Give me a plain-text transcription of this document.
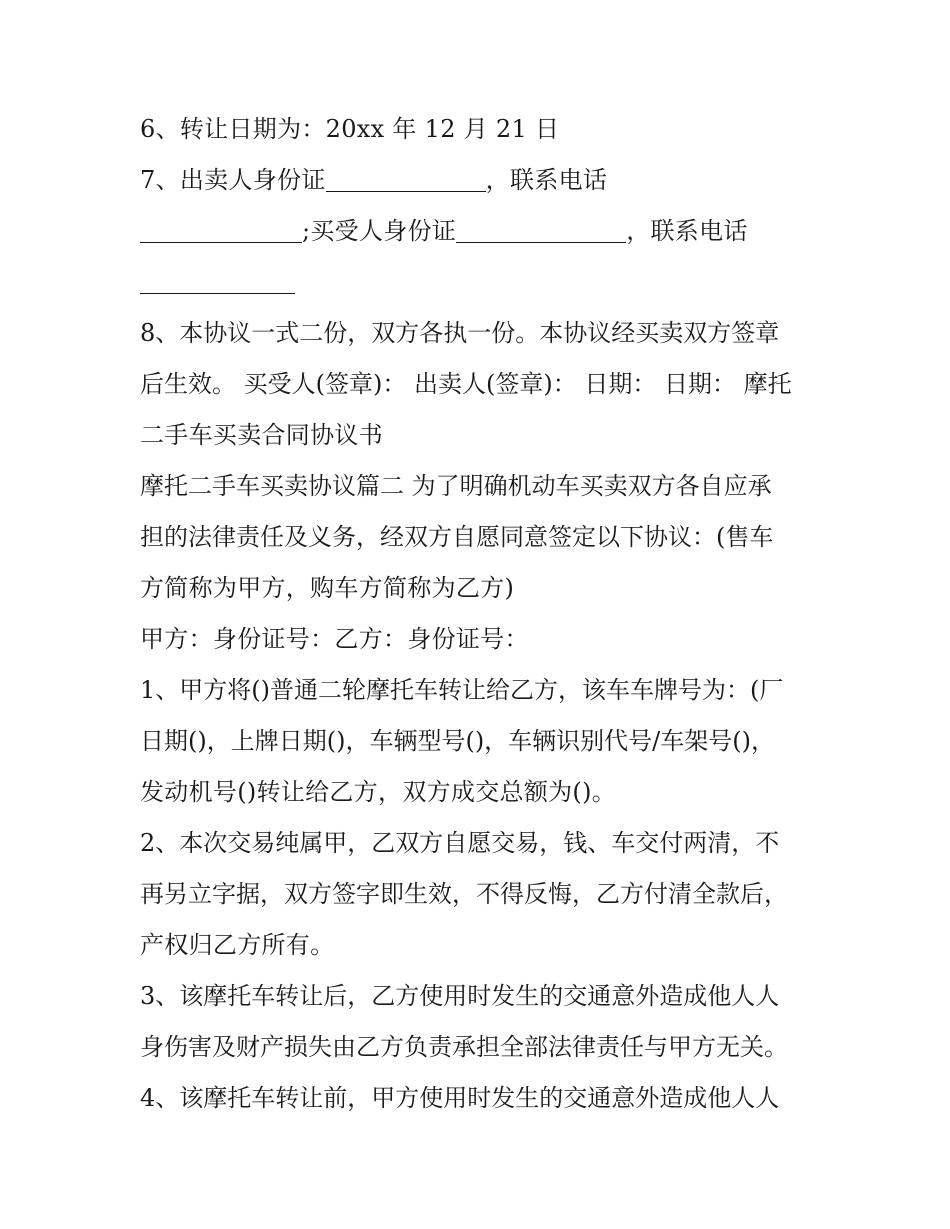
6、转让日期为：20xx 年 12 月 21 日
7、出卖人身份证	，联系电话
;买受人身份证	，联系电话
8、本协议一式二份，双方各执一份。本协议经买卖双方签章
后生效。 买受人(签章)： 出卖人(签章)： 日期： 日期： 摩托
二手车买卖合同协议书
摩托二手车买卖协议篇二 为了明确机动车买卖双方各自应承
担的法律责任及义务，经双方自愿同意签定以下协议：(售车
方简称为甲方，购车方简称为乙方)
甲方：身份证号：乙方：身份证号：
1、甲方将()普通二轮摩托车转让给乙方，该车车牌号为：(厂
日期()，上牌日期()，车辆型号()，车辆识别代号/车架号()，
发动机号()转让给乙方，双方成交总额为()。
2、本次交易纯属甲，乙双方自愿交易，钱、车交付两清，不
再另立字据，双方签字即生效，不得反悔，乙方付清全款后，
产权归乙方所有。
3、该摩托车转让后，乙方使用时发生的交通意外造成他人人
身伤害及财产损失由乙方负责承担全部法律责任与甲方无关。
4、该摩托车转让前，甲方使用时发生的交通意外造成他人人
